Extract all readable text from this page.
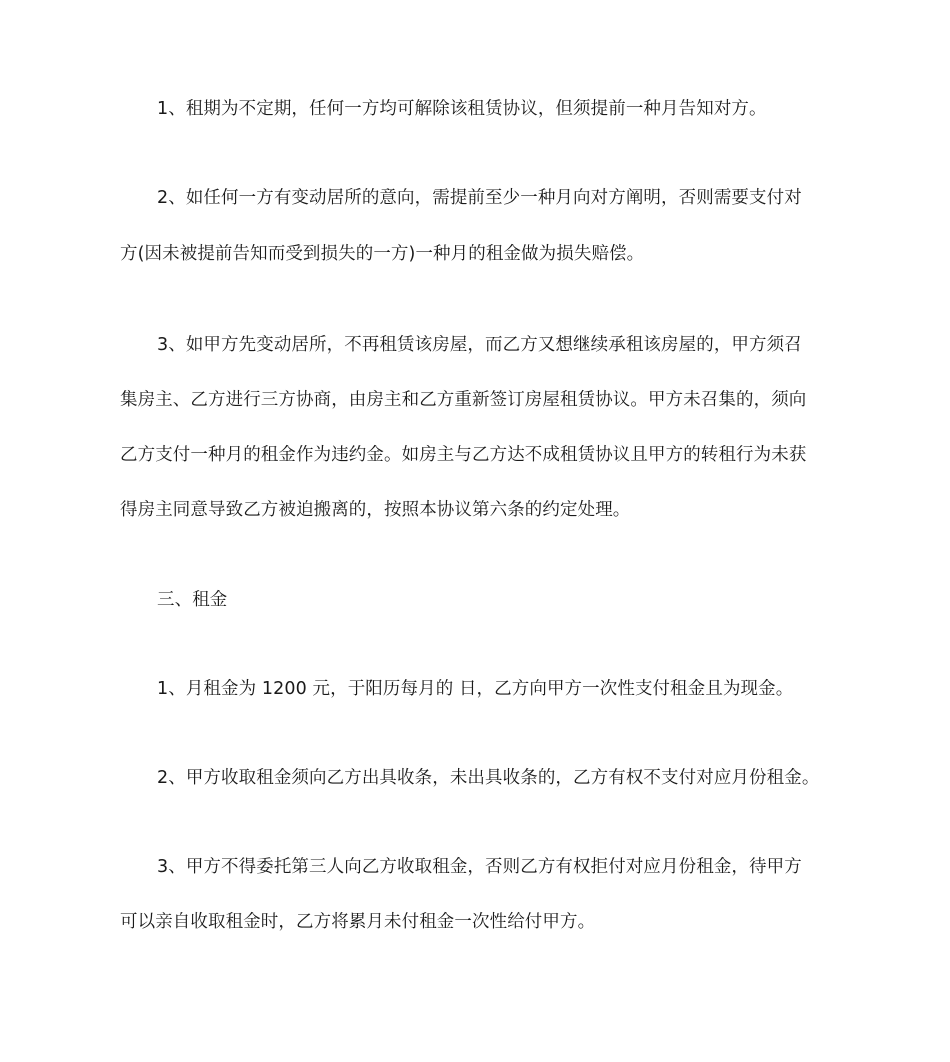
1、租期为不定期，任何一方均可解除该租赁协议，但须提前一种月告知对方。
2、如任何一方有变动居所的意向，需提前至少一种月向对方阐明，否则需要支付对
方(因未被提前告知而受到损失的一方)一种月的租金做为损失赔偿。
3、如甲方先变动居所，不再租赁该房屋，而乙方又想继续承租该房屋的，甲方须召
集房主、乙方进行三方协商，由房主和乙方重新签订房屋租赁协议。甲方未召集的，须向
乙方支付一种月的租金作为违约金。如房主与乙方达不成租赁协议且甲方的转租行为未获
得房主同意导致乙方被迫搬离的，按照本协议第六条的约定处理。
三、租金
1、月租金为 1200 元，于阳历每月的 日，乙方向甲方一次性支付租金且为现金。
2、甲方收取租金须向乙方出具收条，未出具收条的，乙方有权不支付对应月份租金。
3、甲方不得委托第三人向乙方收取租金，否则乙方有权拒付对应月份租金，待甲方
可以亲自收取租金时，乙方将累月未付租金一次性给付甲方。
